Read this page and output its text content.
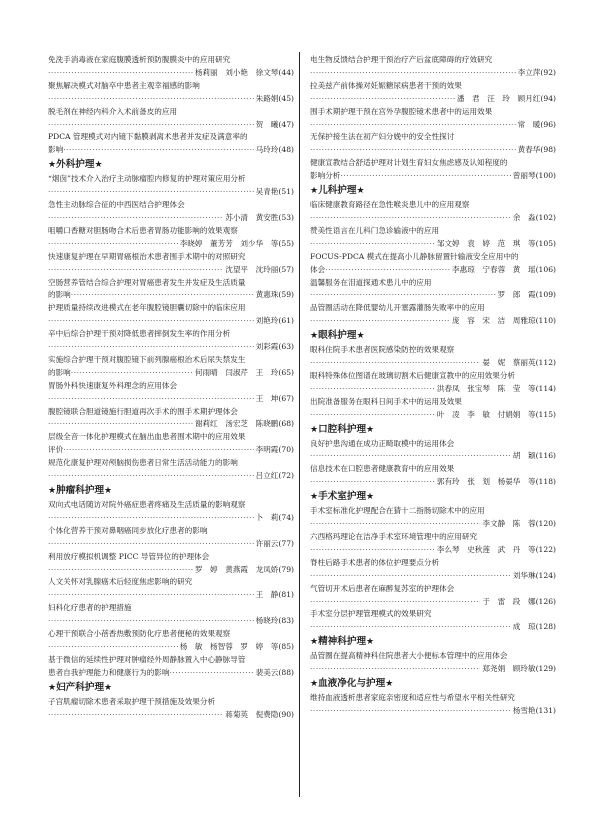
免洗手消毒液在家庭腹膜透析预防腹膜炎中的应用研究
·····
杨莉丽　刘小艳　徐文琴 (44)
聚焦解决模式对脑卒中患者主观幸福感的影响
·····
朱路娟 (45)
脱毛剂在神经内科介入术前备皮的应用
·····
贺　曦 (47)
PDCA 管理模式对内镜下黏膜剥离术患者并发症及满意率的
影响 ·····	马玲玲 (48)
★外科护理★
“烟囱”技术介入治疗主动脉瘤腔内修复的护理对策应用分析
·····
吴青艳 (51)
急性主动脉综合征的中西医结合护理体会
·····
苏小清　黄安胜 (53)
咀嚼口香糖对胆肠吻合术后患者胃肠功能影响的效果观察
·····
李晓婷　董芳芳　刘少华　等 (55)
快速康复护理在早期胃癌根治术患者围手术期中的对照研究
·····
沈望平　沈玲丽 (57)
空肠营养管结合综合护理对胃癌患者发生并发症及生活质量
的影响 ·····	黄惠珠 (59)
护理质量持续改进模式在老年腹腔镜胆囊切除中的临床应用
·····
刘艳玲 (61)
辛中后综合护理干预对降低患者摔倒发生率的作用分析
·····
刘彩霞 (63)
实施综合护理干预对腹腔镜下前列腺癌根治术后尿失禁发生
的影响 ·····	何雨晴　闫淑芹　王　玲 (65)
胃肠外科快速康复外科理念的应用体会
·····
王　坤 (67)
腹腔镜联合胆道镜施行胆道再次手术的围手术期护理体会
·····
谢莉红　汤宏芝　陈晓鹏 (68)
层级全音一体化护理模式在脑出血患者围术期中的应用效果
评价 ·····	李明霞 (70)
规范化康复护理对颅脑损伤患者日常生活活动能力的影响
·····
吕立红 (72)
★肿瘤科护理★
双向式电话随访对院外癌症患者疼痛及生活质量的影响观察
·····
卜　莉 (74)
个体化营养干预对鼻咽癌同步放化疗患者的影响
·····
许丽云 (77)
利用放疗模拟机调整 PICC 导管异位的护理体会
·····
罗　婷　黄燕霞　龙凤娇 (79)
人文关怀对乳腺癌术后轻度焦虑影响的研究
·····
王　静 (81)
妇科化疗患者的护理措施
·····
杨晓玲 (83)
心理干预联合小蓓香热敷预防化疗患者便秘的效果观察
·····
杨　敏　杨智蓉　罗　婷　等 (85)
基于微信的延续性护理对肿瘤经外周静脉置入中心静脉导管
患者自我护理能力和健康行为的影响 ·····	裴美云 (88)
★妇产科护理★
子宫肌瘤切除术患者采取护理干预措施及效果分析
·····
蒋菊英　倪费隐 (90)
电生物反馈结合护理干预治疗产后盆底障碍的疗效研究
·····
李立萍 (92)
拉美兹产前体操对妊娠糖尿病患者干预的效果
·····
潘　君　汪　玲　顾月红 (94)
围手术期护理干预在宫外孕腹腔镜术患者中的运用效果
·····
常　暖 (96)
无保护接生法在初产妇分娩中的安全性探讨
·····
黄春华 (98)
健康宣教结合舒适护理对计划生育妇女焦虑感及认知程度的
影响分析 ·····	曾丽琴 (100)
★儿科护理★
临床健康教育路径在急性喉炎患儿中的应用观察
·····
余　淼 (102)
赞美性语言在儿科门急诊输液中的应用
·····
邹文婷　袁　婷　范　琪　等 (105)
FOCUS-PDCA 模式在提高小儿静脉留置针输液安全应用中的
体会 ·····	李惠琼　宁春蓉　黄　瑶 (106)
温馨服务在泪道探通术患儿中的应用
·····
罗　郎　霞 (109)
品管圈活动在降低婴幼儿开塞露灌肠失败率中的应用
·····
庞　容　宋　洁　周雅琼 (110)
★眼科护理★
眼科住院手术患者医院感染防控的效果观察
·····
晏　妮　蔡丽英 (112)
眼科特殊体位图谱在玻璃切割术后健康宣教中的应用效果分析
·····
洪春凤　张宝琴　陈　莹　等 (114)
出院准备服务在眼科日间手术中的运用及效果
·····
叶　凌　李　敏　付娟娟　等 (115)
★口腔科护理★
良好护患沟通在成功正畸取模中的运用体会
·····
胡　颖 (116)
信息技术在口腔患者健康教育中的应用效果
·····
郭有玲　张　划　杨晏华　等 (118)
★手术室护理★
手术室标准化护理配合在猜十二指肠切除术中的应用
·····
李文静　陈　蓉 (120)
六西格玛理论在洁净手术室环境管理中的应用研究
·····
李么琴　史秋莲　武　丹　等 (122)
脊柱后路手术患者的体位护理要点分析
·····
刘华琳 (124)
气管切开术后患者在麻醉复苏室的护理体会
·····
于　雷　段　娜 (126)
手术室分层护理管理模式的效果研究
·····
成　琼 (128)
★精神科护理★
品管圈在提高精神科住院患者大小便标本管理中的应用体会
·····
郑尧娟　顾玲敏 (129)
★血液净化与护理★
维持血液透析患者家庭亲密度和适应性与希望水平相关性研究
·····
杨雪艳 (131)
